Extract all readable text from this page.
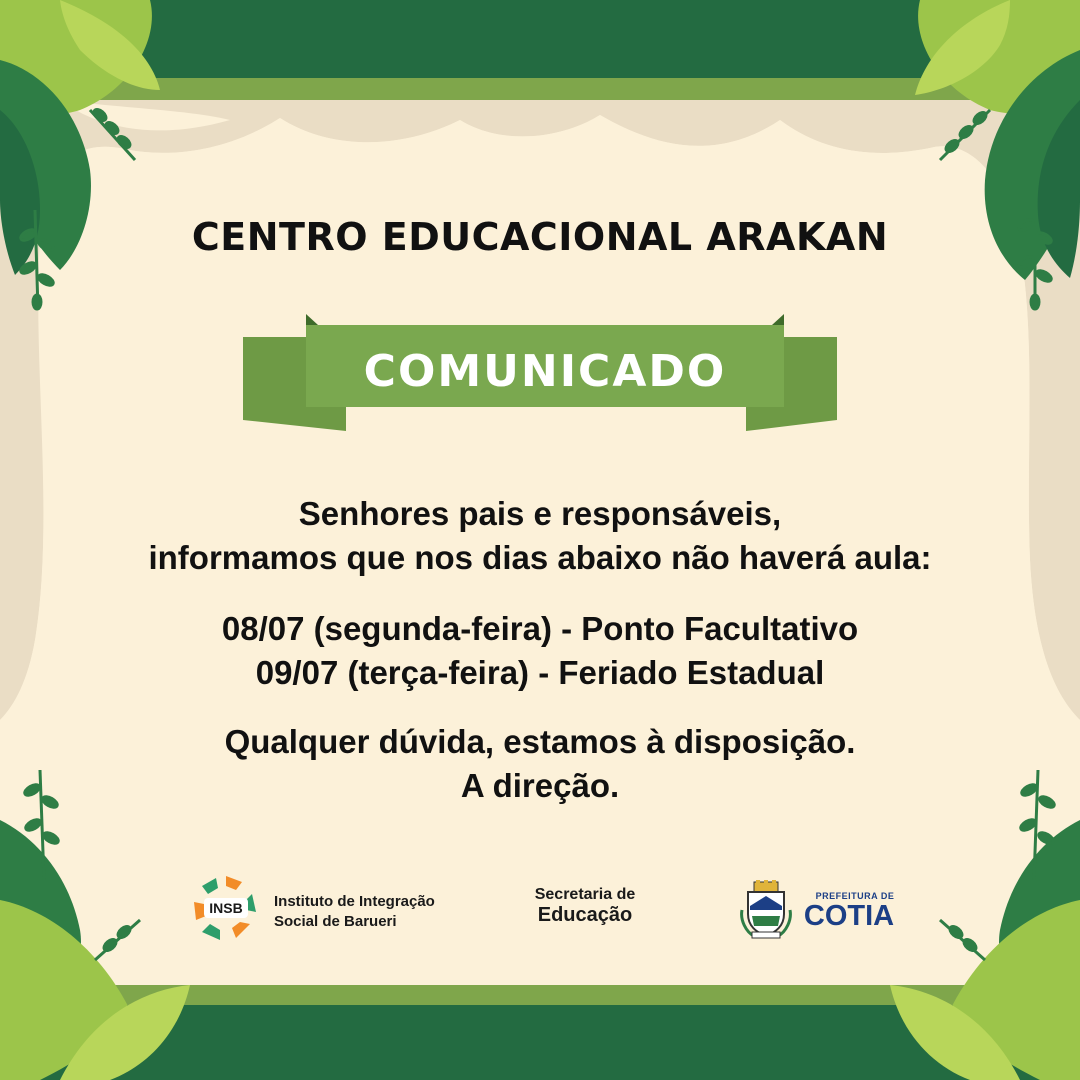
CENTRO EDUCACIONAL ARAKAN
COMUNICADO

Senhores pais e responsáveis,

informamos que nos dias abaixo não haverá aula:

08/07 (segunda-feira) - Ponto Facultativo

09/07 (terça-feira) - Feriado Estadual

Qualquer dúvida, estamos à disposição.

A direção.

INSB Instituto de Integração
Social de Barueri
Secretaria de
Educação
PREFEITURA DE
COTIA
